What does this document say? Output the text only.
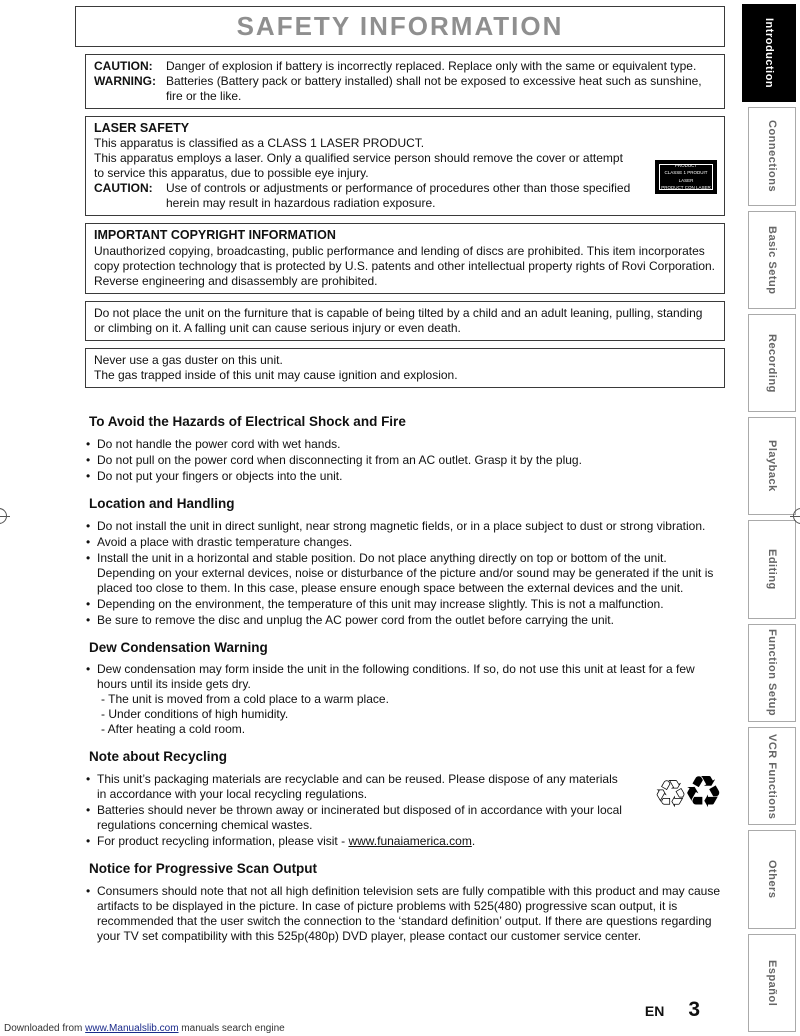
SAFETY INFORMATION
CAUTION:	Danger of explosion if battery is incorrectly replaced. Replace only with the same or equivalent type.
WARNING: Batteries (Battery pack or battery installed) shall not be exposed to excessive heat such as sunshine, fire or the like.
CLASS 1 LASER PRODUCT
CLASSE 1 PRODUIT LASER
PRODUCT CON LASER CLASS 1
LASER SAFETY

This apparatus is classified as a CLASS 1 LASER PRODUCT.

This apparatus employs a laser. Only a qualified service person should remove the cover or attempt to service this apparatus, due to possible eye injury.

CAUTION:	Use of controls or adjustments or performance of procedures other than those specified herein may result in hazardous radiation exposure.
IMPORTANT COPYRIGHT INFORMATION

Unauthorized copying, broadcasting, public performance and lending of discs are prohibited. This item incorporates copy protection technology that is protected by U.S. patents and other intellectual property rights of Rovi Corporation. Reverse engineering and disassembly are prohibited.

Do not place the unit on the furniture that is capable of being tilted by a child and an adult leaning, pulling, standing or climbing on it. A falling unit can cause serious injury or even death.

Never use a gas duster on this unit.

The gas trapped inside of this unit may cause ignition and explosion.

To Avoid the Hazards of Electrical Shock and Fire
• Do not handle the power cord with wet hands.
• Do not pull on the power cord when disconnecting it from an AC outlet. Grasp it by the plug.
• Do not put your fingers or objects into the unit.
Location and Handling
• Do not install the unit in direct sunlight, near strong magnetic fields, or in a place subject to dust or strong vibration.
• Avoid a place with drastic temperature changes.
• Install the unit in a horizontal and stable position. Do not place anything directly on top or bottom of the unit. Depending on your external devices, noise or disturbance of the picture and/or sound may be generated if the unit is placed too close to them. In this case, please ensure enough space between the external devices and the unit.
• Depending on the environment, the temperature of this unit may increase slightly. This is not a malfunction.
• Be sure to remove the disc and unplug the AC power cord from the outlet before carrying the unit.
Dew Condensation Warning
• Dew condensation may form inside the unit in the following conditions. If so, do not use this unit at least for a few hours until its inside gets dry.
- The unit is moved from a cold place to a warm place.
- Under conditions of high humidity.
- After heating a cold room.
Note about Recycling
• This unit’s packaging materials are recyclable and can be reused. Please dispose of any materials in accordance with your local recycling regulations.
• Batteries should never be thrown away or incinerated but disposed of in accordance with your local regulations concerning chemical wastes.
• For product recycling information, please visit - www.funaiamerica.com.
♲♻
Notice for Progressive Scan Output
• Consumers should note that not all high definition television sets are fully compatible with this product and may cause artifacts to be displayed in the picture. In case of picture problems with 525(480) progressive scan output, it is recommended that the user switch the connection to the ‘standard definition’ output. If there are questions regarding your TV set compatibility with this 525p(480p) DVD player, please contact our customer service center.
Introduction
Connections
Basic Setup
Recording
Playback
Editing
Function Setup
VCR Functions
Others
Español
EN 3
Downloaded from www.Manualslib.com manuals search engine
